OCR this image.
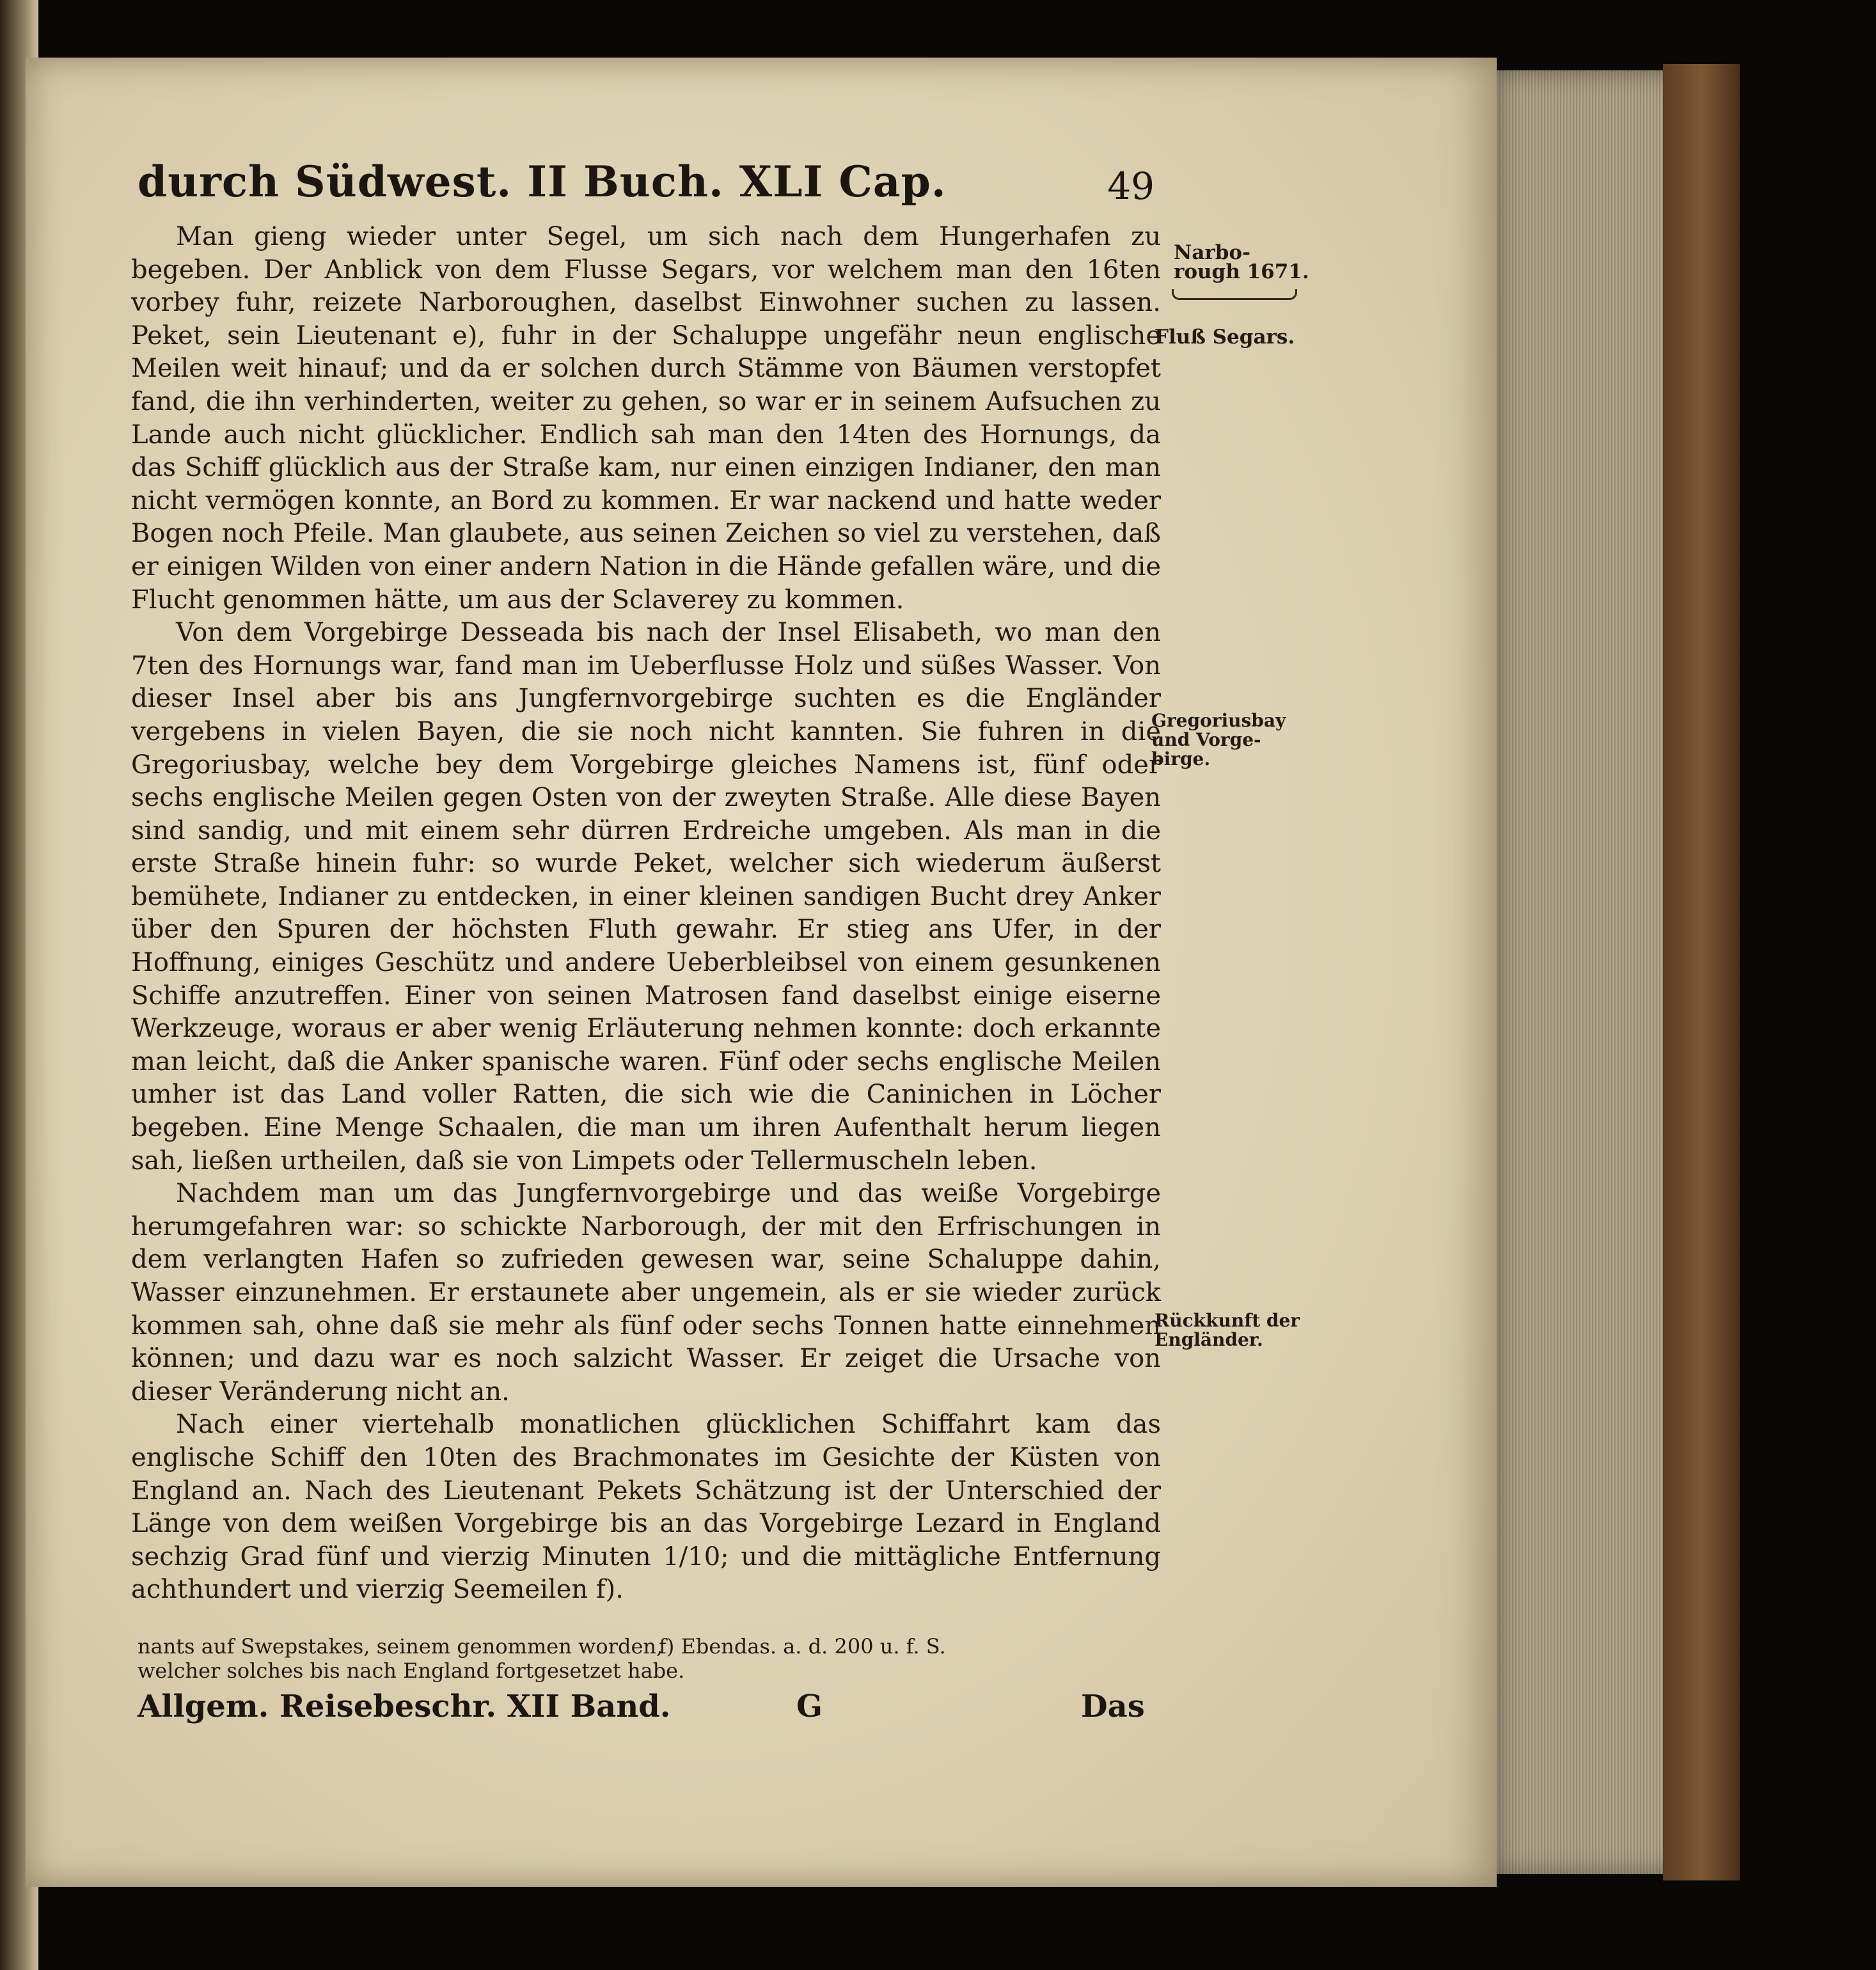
durch Südwest. II Buch. XLI Cap.	49

Man gieng wieder unter Segel, um sich nach dem Hungerhafen zu begeben. Der Anblick von dem Flusse Segars, vor welchem man den 16ten vorbey fuhr, reizete Narboroughen, daselbst Einwohner suchen zu lassen. Peket, sein Lieutenant e), fuhr in der Schaluppe ungefähr neun englische Meilen weit hinauf; und da er solchen durch Stämme von Bäumen verstopfet fand, die ihn verhinderten, weiter zu gehen, so war er in seinem Aufsuchen zu Lande auch nicht glücklicher. Endlich sah man den 14ten des Hornungs, da das Schiff glücklich aus der Straße kam, nur einen einzigen Indianer, den man nicht vermögen konnte, an Bord zu kommen. Er war nackend und hatte weder Bogen noch Pfeile. Man glaubete, aus seinen Zeichen so viel zu verstehen, daß er einigen Wilden von einer andern Nation in die Hände gefallen wäre, und die Flucht genommen hätte, um aus der Sclaverey zu kommen.

Von dem Vorgebirge Desseada bis nach der Insel Elisabeth, wo man den 7ten des Hornungs war, fand man im Ueberflusse Holz und süßes Wasser. Von dieser Insel aber bis ans Jungfernvorgebirge suchten es die Engländer vergebens in vielen Bayen, die sie noch nicht kannten. Sie fuhren in die Gregoriusbay, welche bey dem Vorgebirge gleiches Namens ist, fünf oder sechs englische Meilen gegen Osten von der zweyten Straße. Alle diese Bayen sind sandig, und mit einem sehr dürren Erdreiche umgeben. Als man in die erste Straße hinein fuhr: so wurde Peket, welcher sich wiederum äußerst bemühete, Indianer zu entdecken, in einer kleinen sandigen Bucht drey Anker über den Spuren der höchsten Fluth gewahr. Er stieg ans Ufer, in der Hoffnung, einiges Geschütz und andere Ueberbleibsel von einem gesunkenen Schiffe anzutreffen. Einer von seinen Matrosen fand daselbst einige eiserne Werkzeuge, woraus er aber wenig Erläuterung nehmen konnte: doch erkannte man leicht, daß die Anker spanische waren. Fünf oder sechs englische Meilen umher ist das Land voller Ratten, die sich wie die Caninichen in Löcher begeben. Eine Menge Schaalen, die man um ihren Aufenthalt herum liegen sah, ließen urtheilen, daß sie von Limpets oder Tellermuscheln leben.

Nachdem man um das Jungfernvorgebirge und das weiße Vorgebirge herumgefahren war: so schickte Narborough, der mit den Erfrischungen in dem verlangten Hafen so zufrieden gewesen war, seine Schaluppe dahin, Wasser einzunehmen. Er erstaunete aber ungemein, als er sie wieder zurück kommen sah, ohne daß sie mehr als fünf oder sechs Tonnen hatte einnehmen können; und dazu war es noch salzicht Wasser. Er zeiget die Ursache von dieser Veränderung nicht an.

Nach einer viertehalb monatlichen glücklichen Schiffahrt kam das englische Schiff den 10ten des Brachmonates im Gesichte der Küsten von England an. Nach des Lieutenant Pekets Schätzung ist der Unterschied der Länge von dem weißen Vorgebirge bis an das Vorgebirge Lezard in England sechzig Grad fünf und vierzig Minuten 1/10; und die mittägliche Entfernung achthundert und vierzig Seemeilen f).

Narbo-
rough 1671.
Fluß Segars.
Gregoriusbay
und Vorge-
birge.
Rückkunft der
Engländer.
nants auf Swepstakes, seinem genommen worden,
welcher solches bis nach England fortgesetzet habe.
f) Ebendas. a. d. 200 u. f. S.
Allgem. Reisebeschr. XII Band.	G	Das
